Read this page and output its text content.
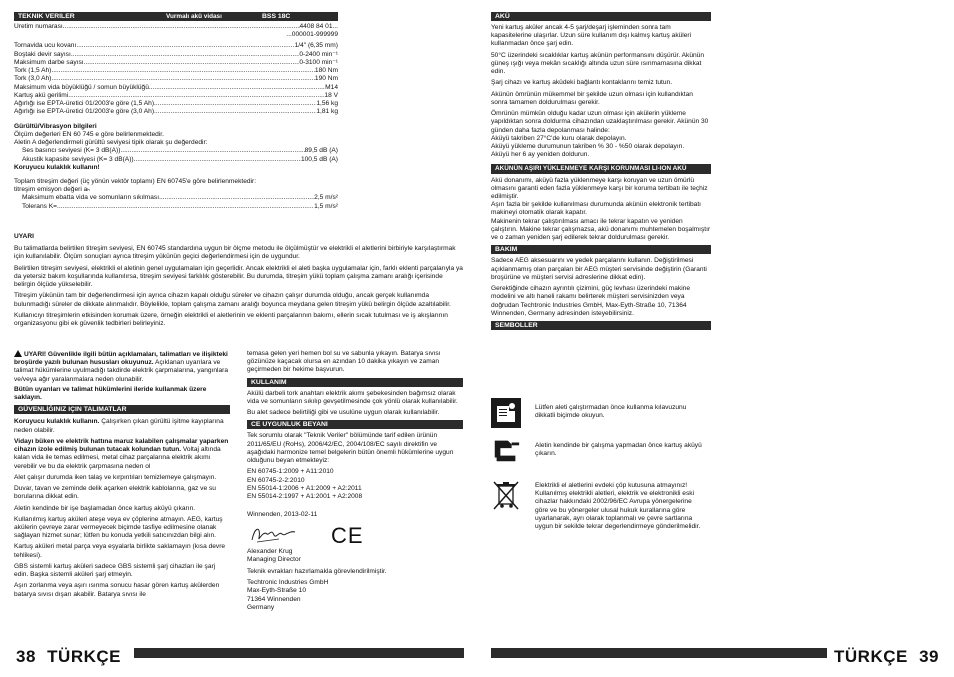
TEKNIK VERILER	Vurmalı akü vidası	BSS 18C
Üretim numarası .....	4408 84 01...
...000001-999999
Tornavida ucu kovanı .....	1/4" (6,35 mm)
Boştaki devir sayısı .....	0-2400 min⁻¹
Maksimum darbe sayısı .....	0-3100 min⁻¹
Tork (1,5 Ah) .....	180 Nm
Tork (3,0 Ah) .....	190 Nm
Maksimum vida büyüklüğü / somun büyüklüğü .....	M14
Kartuş akü gerilimi .....	18 V
Ağırlığı ise EPTA-üretici 01/2003'e göre (1,5 Ah) .....	1,56 kg
Ağırlığı ise EPTA-üretici 01/2003'e göre (3,0 Ah) .....	1,81 kg
Gürültü/Vibrasyon bilgileri
Ölçüm değerleri EN 60 745 e göre belirlenmektedir.
Aletin A değerlendirmeli gürültü seviyesi tipik olarak şu değerdedir:
Ses basıncı seviyesi (K= 3 dB(A)) .....	89,5 dB (A)
Akustik kapasite seviyesi (K= 3 dB(A)) .....	100,5 dB (A)
Koruyucu kulaklık kullanın!
Toplam titreşim değeri (üç yönün vektör toplamı) EN 60745'e göre belirlenmektedir:
titreşim emisyon değeri aₕ
Maksimum ebatta vida ve somunların sıkılması .....	2,5 m/s²
Tolerans K= .....	1,5 m/s²
UYARI

Bu talimatlarda belirtilen titreşim seviyesi, EN 60745 standardına uygun bir ölçme metodu ile ölçülmüştür ve elektrikli el aletlerini birbiriyle karşılaştırmak için kullanılabilir. Ölçüm sonuçları ayrıca titreşim yükünün geçici değerlendirmesi için de uygundur.

Belirtilen titreşim seviyesi, elektrikli el aletinin genel uygulamaları için geçerlidir. Ancak elektrikli el aleti başka uygulamalar için, farklı eklenti parçalarıyla ya da yetersiz bakım koşullarında kullanılırsa, titreşim seviyesi farklılık gösterebilir. Bu durumda, titreşim yükü toplam çalışma zamanı aralığı içerisinde belirgin ölçüde yükselebilir.

Titreşim yükünün tam bir değerlendirmesi için ayrıca cihazın kapalı olduğu süreler ve cihazın çalışır durumda olduğu, ancak gerçek kullanımda bulunmadığı süreler de dikkate alınmalıdır. Böylelikle, toplam çalışma zamanı aralığı boyunca meydana gelen titreşim yükü belirgin ölçüde azaltılabilir.

Kullanıcıyı titreşimlerin etkisinden korumak üzere, örneğin elektrikli el aletlerinin ve eklenti parçalarının bakımı, ellerin sıcak tutulması ve iş akışlarının organizasyonu gibi ek güvenlik tedbirleri belirleyiniz.

UYARI! Güvenlikle ilgili bütün açıklamaları, talimatları ve ilişikteki broşürde yazılı bulunan hususları okuyunuz. Açıklanan uyarılara ve talimat hükümlerine uyulmadığı takdirde elektrik çarpmalarına, yangınlara ve/veya ağır yaralanmalara neden olunabilir.

Bütün uyarıları ve talimat hükümlerini ileride kullanmak üzere saklayın.

GÜVENLİĞINIZ IÇIN TALIMATLAR

Koruyucu kulaklık kullanın. Çalışırken çıkan gürültü işitme kayıplarına neden olabilir.

Vidayı büken ve elektrik hattına maruz kalabilen çalışmalar yaparken cihazın izole edilmiş bulunan tutacak kolundan tutun. Voltaj altında kalan vida ile temas edilmesi, metal cihaz parçalarına elektrik akımı verebilir ve bu da elektrik çarpmasına neden ol

Alet çalışır durumda iken talaş ve kırpıntıları temizlemeye çalışmayın.

Duvar, tavan ve zeminde delik açarken elektrik kablolarına, gaz ve su borularına dikkat edin.

Aletin kendinde bir işe başlamadan önce kartuş aküyü çıkarın.

Kullanılmış kartuş aküleri ateşe veya ev çöplerine atmayın. AEG, kartuş akülerin çevreye zarar vermeyecek biçimde tasfiye edilmesine olanak sağlayan hizmet sunar; lütfen bu konuda yetkili satıcınızdan bilgi alın.

Kartuş aküleri metal parça veya eşyalarla birlikte saklamayın (kısa devre tehlikesi).

GBS sistemli kartuş aküleri sadece GBS sistemli şarj cihazları ile şarj edin. Başka sistemli aküleri şarj etmeyin.

Aşırı zorlanma veya aşırı ısınma sonucu hasar gören kartuş akülerden batarya sıvısı dışarı akabilir. Batarya sıvısı ile

temasa gelen yeri hemen bol su ve sabunla yıkayın. Batarya sıvısı gözünüze kaçacak olursa en azından 10 dakika yıkayın ve zaman geçirmeden bir hekime başvurun.

KULLANIM

Akülü darbeli tork anahtarı elektrik akımı şebekesinden bağımsız olarak vida ve somunların sıkılıp gevşetilmesinde çok yönlü olarak kullanılabilir.

Bu alet sadece belirtiliği gibi ve usulüne uygun olarak kullanılabilir.

CE UYGUNLUK BEYANI

Tek sorumlu olarak "Teknik Veriler" bölümünde tarif edilen ürünün 2011/65/EU (RoHs), 2006/42/EC, 2004/108/EC sayılı direktifin ve aşağıdaki harmonize temel belgelerin bütün önemli hükümlerine uygun olduğunu beyan etmekteyiz:

EN 60745-1:2009 + A11:2010
EN 60745-2-2:2010
EN 55014-1:2006 + A1:2009 + A2:2011
EN 55014-2:1997 + A1:2001 + A2:2008
Winnenden, 2013-02-11
CE
Alexander Krug
Managing Director
Teknik evrakları hazırlamakla görevlendirilmiştir.
Techtronic Industries GmbH
Max-Eyth-Straße 10
71364 Winnenden
Germany
38 TÜRKÇE
AKÜ

Yeni kartuş aküler ancak 4-5 şarj/deşarj işleminden sonra tam kapasitelerine ulaşırlar. Uzun süre kullanım dışı kalmış kartuş aküleri kullanmadan önce şarj edin.

50°C üzerindeki sıcaklıklar kartuş akünün performansını düşürür. Akünün güneş ışığı veya mekân sıcaklığı altında uzun süre ısınmamasına dikkat edin.

Şarj cihazı ve kartuş aküdeki bağlantı kontaklarını temiz tutun.

Akünün ömrünün mükemmel bir şekilde uzun olması için kullandıktan sonra tamamen doldurulması gerekir.

Ömrünün mümkün olduğu kadar uzun olması için akülerin yükleme yapıldıktan sonra doldurma cihazından uzaklaştırılması gerekir. Akünün 30 günden daha fazla depolanması halinde:
Aküyü takriben 27°C'de kuru olarak depolayın.
Aküyü yükleme durumunun takriben % 30 - %50 olarak depolayın.
Aküyü her 6 ay yeniden doldurun.

AKÜNÜN AŞIRI YÜKLENMEYE KARŞI KORUNMASI LI-ION AKÜ

Akü donanımı, aküyü fazla yüklenmeye karşı koruyan ve uzun ömürlü olmasını garanti eden fazla yüklenmeye karşı bir koruma tertibatı ile teçhiz edilmiştir.
Aşırı fazla bir şekilde kullanılması durumunda akünün elektronik tertibatı makineyi otomatik olarak kapatır.
Makinenin tekrar çalıştırılması amacı ile tekrar kapatın ve yeniden çalıştırın. Makine tekrar çalışmazsa, akü donanımı muhtemelen boşalmıştır ve o zaman yeniden şarj edilerek tekrar doldurulması gerekir.

BAKIM

Sadece AEG aksesuarını ve yedek parçalarını kullanın. Değiştirilmesi açıklanmamış olan parçaları bir AEG müşteri servisinde değiştirin (Garanti broşürüne ve müşteri servisi adreslerine dikkat edin).

Gerektiğinde cihazın ayrıntılı çizimini, güç levhası üzerindeki makine modelini ve altı haneli rakamı belirterek müşteri servisinizden veya doğrudan Techtronic Industries GmbH, Max-Eyth-Straße 10, 71364 Winnenden, Germany adresinden isteyebilirsiniz.

SEMBOLLER
Lütfen aleti çalıştırmadan önce kullanma kılavuzunu dikkatli biçimde okuyun.
Aletin kendinde bir çalışma yapmadan önce kartuş aküyü çıkarın.
Elektrikli el aletlerini evdeki çöp kutusuna atmayınız! Kullanılmış elektrikli aletleri, elektrik ve elektronikli eski cihazlar hakkındaki 2002/96/EC Avrupa yönergelerine göre ve bu yönergeler ulusal hukuk kurallarına göre uyarlanarak, ayrı olarak toplanmalı ve çevre sartlarına uygun bir sekilde tekrar degerlendirmeye gönderilmelidir.
TÜRKÇE 39
